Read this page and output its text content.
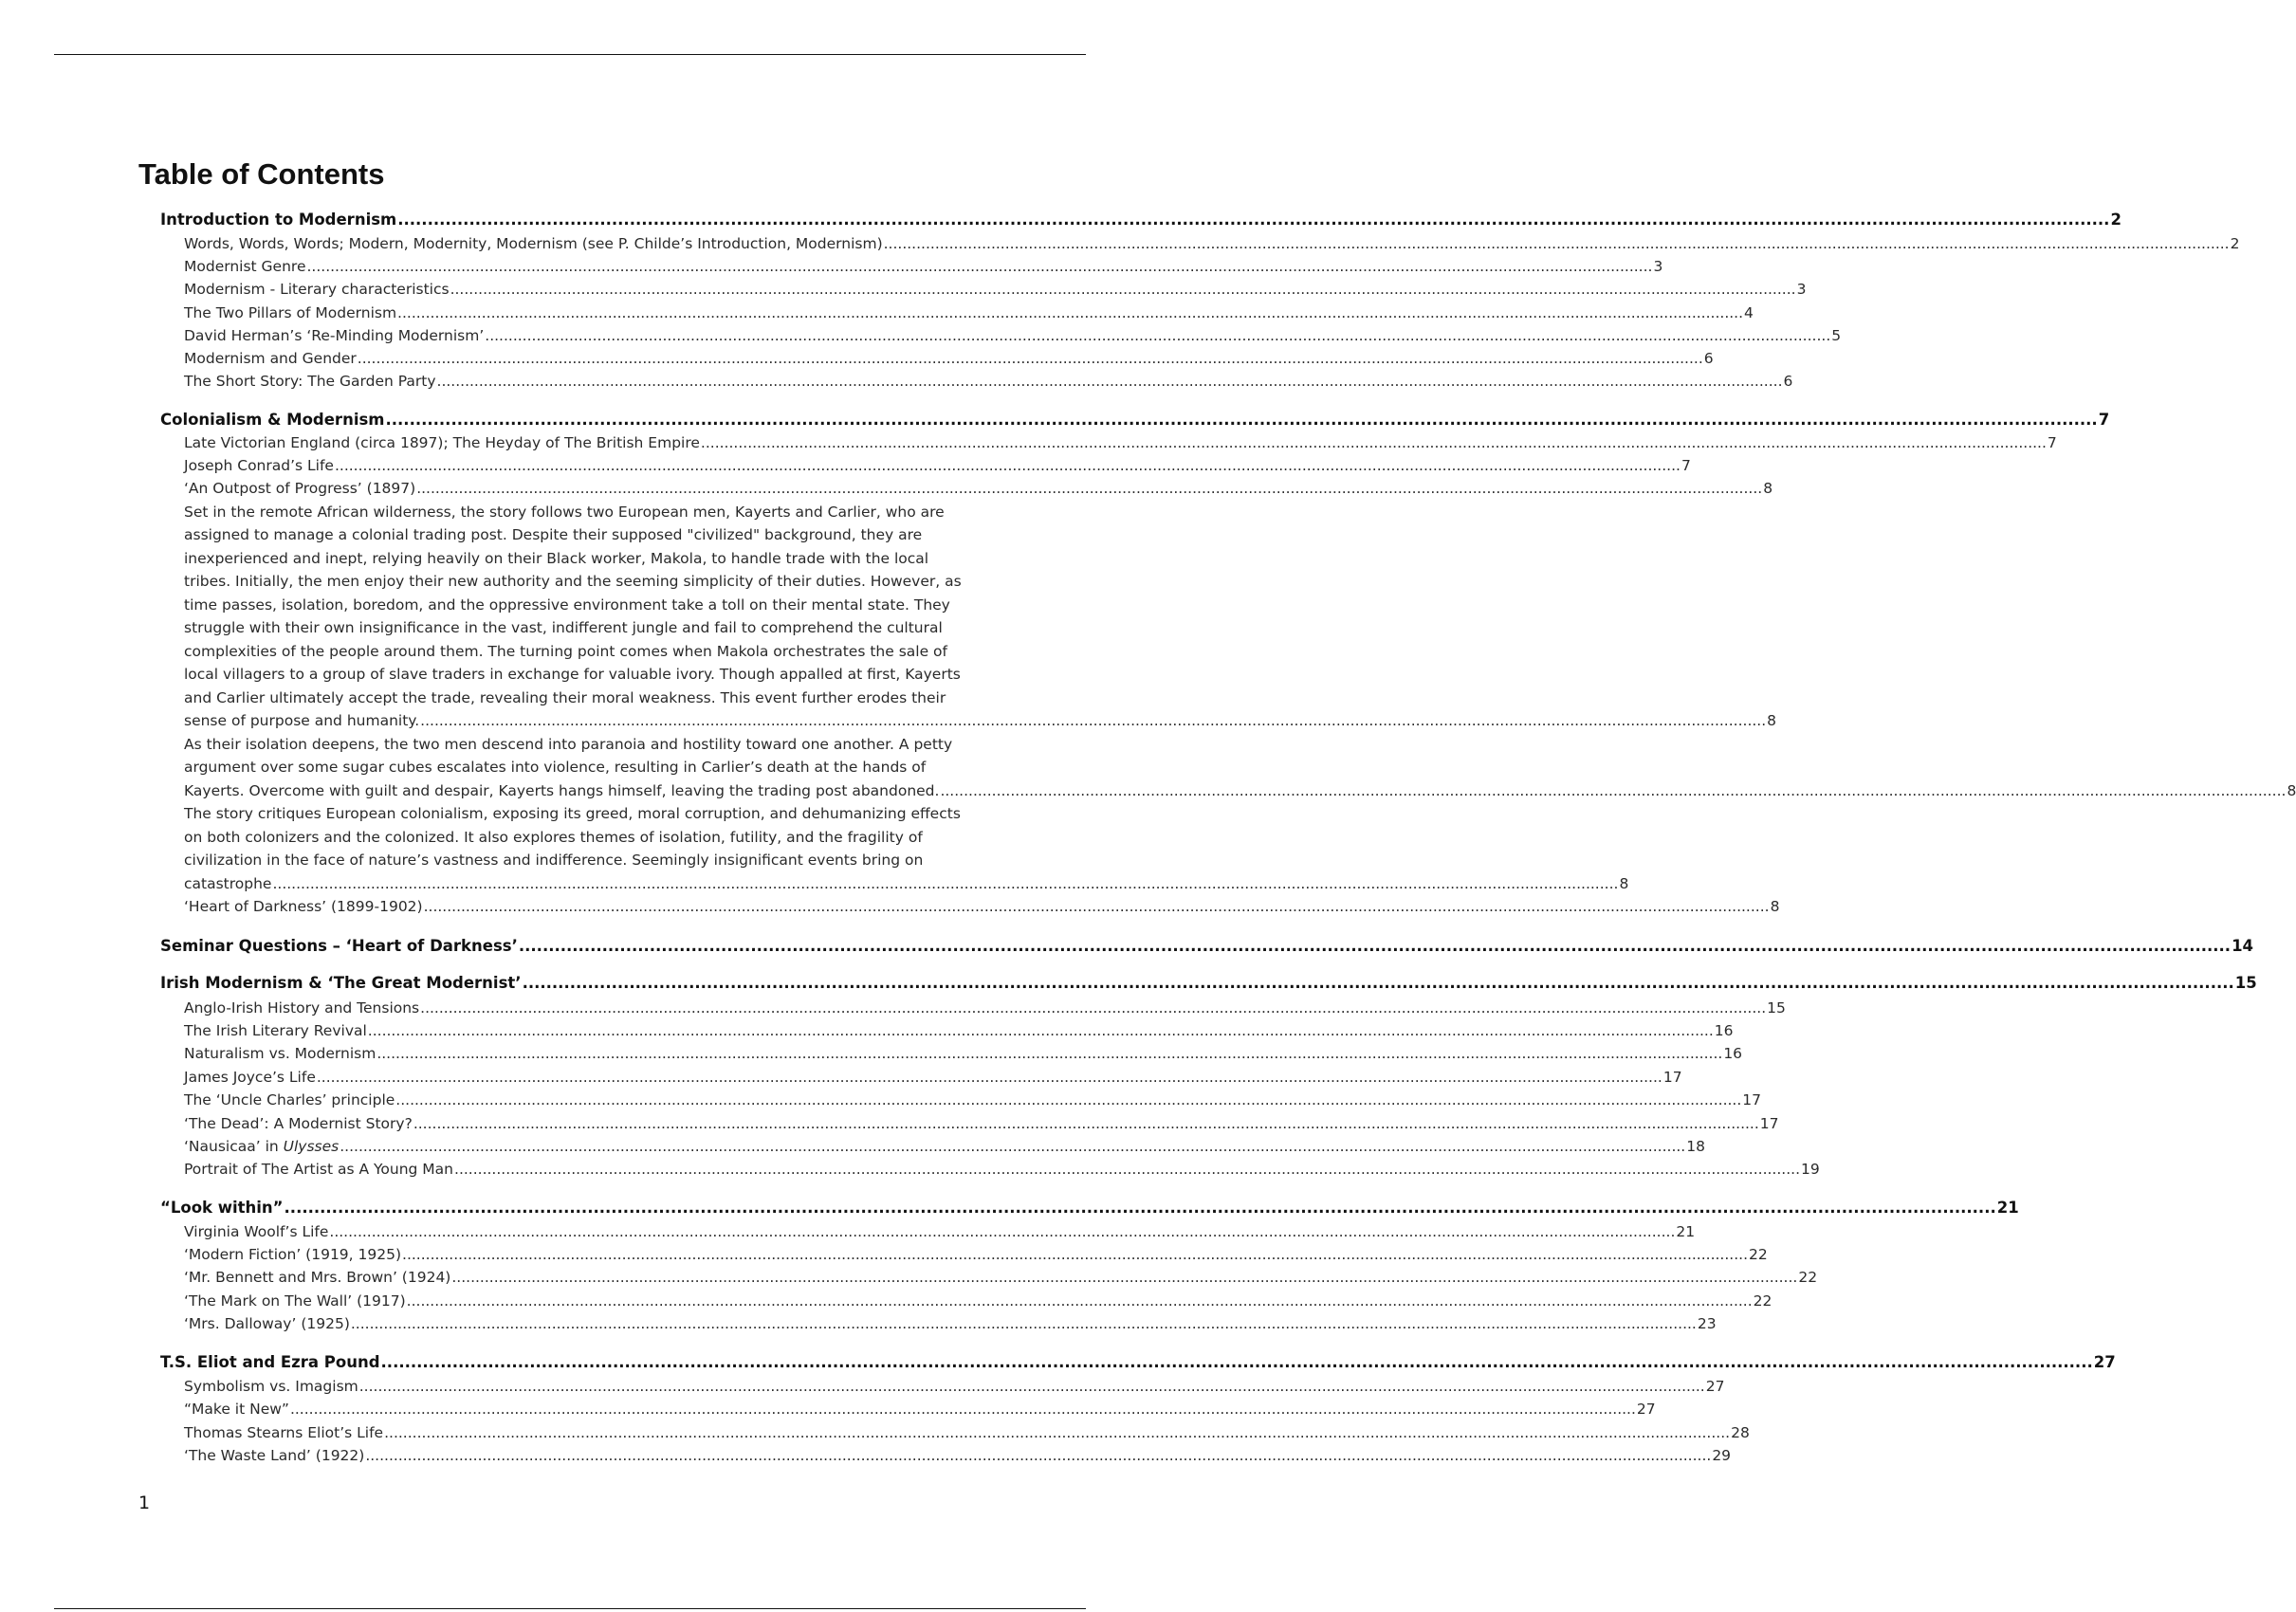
Table of Contents
Introduction to Modernism .....	2
Words, Words, Words; Modern, Modernity, Modernism (see P. Childe’s Introduction, Modernism) .....	2
Modernist Genre .....	3
Modernism - Literary characteristics .....	3
The Two Pillars of Modernism .....	4
David Herman’s ‘Re-Minding Modernism’ .....	5
Modernism and Gender .....	6
The Short Story: The Garden Party .....	6
Colonialism & Modernism .....	7
Late Victorian England (circa 1897); The Heyday of The British Empire .....	7
Joseph Conrad’s Life .....	7
‘An Outpost of Progress’ (1897) .....	8
Set in the remote African wilderness, the story follows two European men, Kayerts and Carlier, who are
assigned to manage a colonial trading post. Despite their supposed "civilized" background, they are
inexperienced and inept, relying heavily on their Black worker, Makola, to handle trade with the local
tribes. Initially, the men enjoy their new authority and the seeming simplicity of their duties. However, as
time passes, isolation, boredom, and the oppressive environment take a toll on their mental state. They
struggle with their own insignificance in the vast, indifferent jungle and fail to comprehend the cultural
complexities of the people around them. The turning point comes when Makola orchestrates the sale of
local villagers to a group of slave traders in exchange for valuable ivory. Though appalled at first, Kayerts
and Carlier ultimately accept the trade, revealing their moral weakness. This event further erodes their
sense of purpose and humanity. .....	8
As their isolation deepens, the two men descend into paranoia and hostility toward one another. A petty
argument over some sugar cubes escalates into violence, resulting in Carlier’s death at the hands of
Kayerts. Overcome with guilt and despair, Kayerts hangs himself, leaving the trading post abandoned. .....	8
The story critiques European colonialism, exposing its greed, moral corruption, and dehumanizing effects
on both colonizers and the colonized. It also explores themes of isolation, futility, and the fragility of
civilization in the face of nature’s vastness and indifference. Seemingly insignificant events bring on
catastrophe .....	8
‘Heart of Darkness’ (1899-1902) .....	8
Seminar Questions – ‘Heart of Darkness’ .....	14
Irish Modernism & ‘The Great Modernist’ .....	15
Anglo-Irish History and Tensions .....	15
The Irish Literary Revival .....	16
Naturalism vs. Modernism .....	16
James Joyce’s Life .....	17
The ‘Uncle Charles’ principle .....	17
‘The Dead’: A Modernist Story? .....	17
‘Nausicaa’ in Ulysses .....	18
Portrait of The Artist as A Young Man .....	19
“Look within” .....	21
Virginia Woolf’s Life .....	21
‘Modern Fiction’ (1919, 1925) .....	22
‘Mr. Bennett and Mrs. Brown’ (1924) .....	22
‘The Mark on The Wall’ (1917) .....	22
‘Mrs. Dalloway’ (1925) .....	23
T.S. Eliot and Ezra Pound .....	27
Symbolism vs. Imagism .....	27
“Make it New” .....	27
Thomas Stearns Eliot’s Life .....	28
‘The Waste Land’ (1922) .....	29
1
